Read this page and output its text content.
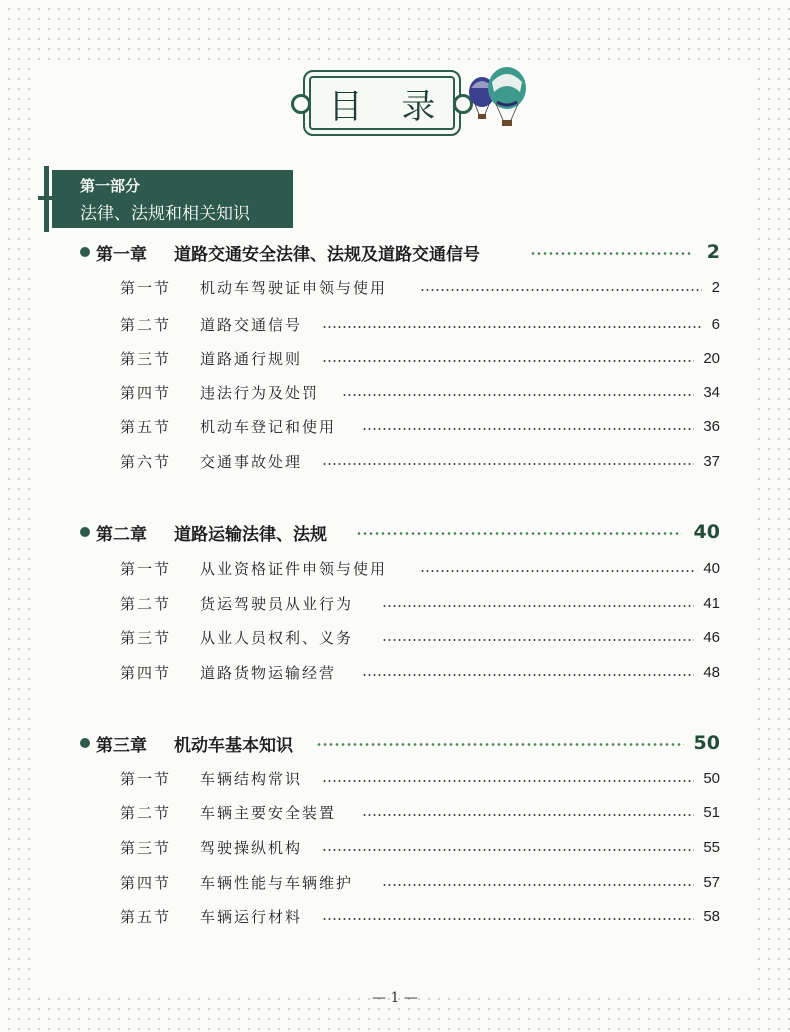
目 录
第一部分
法律、法规和相关知识
第一章 道路交通安全法律、法规及道路交通信号	2
第一节 机动车驾驶证申领与使用	2
第二节 道路交通信号	6
第三节 道路通行规则	20
第四节 违法行为及处罚	34
第五节 机动车登记和使用	36
第六节 交通事故处理	37
第二章 道路运输法律、法规	40
第一节 从业资格证件申领与使用	40
第二节 货运驾驶员从业行为	41
第三节 从业人员权利、义务	46
第四节 道路货物运输经营	48
第三章 机动车基本知识	50
第一节 车辆结构常识	50
第二节 车辆主要安全装置	51
第三节 驾驶操纵机构	55
第四节 车辆性能与车辆维护	57
第五节 车辆运行材料	58
— 1 —
